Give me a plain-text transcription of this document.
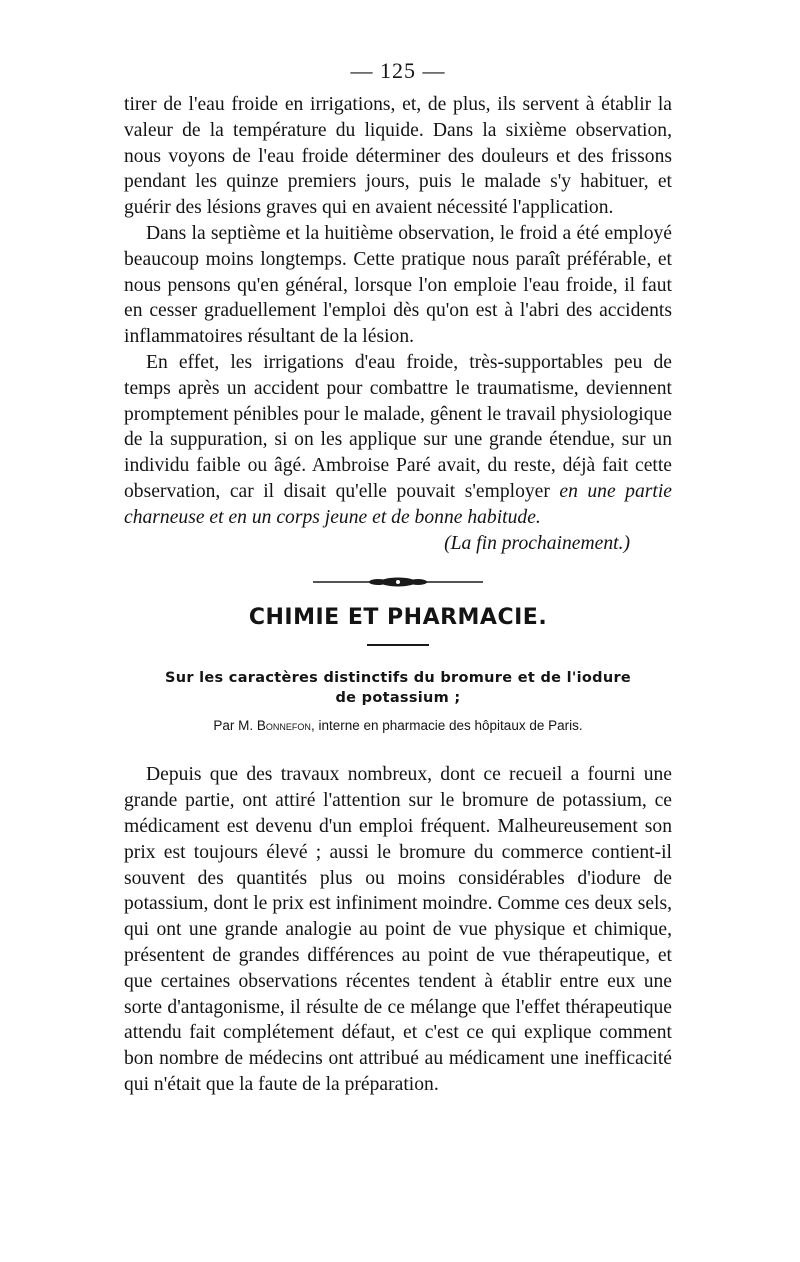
— 125 —

tirer de l'eau froide en irrigations, et, de plus, ils servent à établir la valeur de la température du liquide. Dans la sixième observation, nous voyons de l'eau froide déterminer des douleurs et des frissons pendant les quinze premiers jours, puis le malade s'y habituer, et guérir des lésions graves qui en avaient nécessité l'application.

Dans la septième et la huitième observation, le froid a été employé beaucoup moins longtemps. Cette pratique nous paraît préférable, et nous pensons qu'en général, lorsque l'on emploie l'eau froide, il faut en cesser graduellement l'emploi dès qu'on est à l'abri des accidents inflammatoires résultant de la lésion.

En effet, les irrigations d'eau froide, très-supportables peu de temps après un accident pour combattre le traumatisme, deviennent promptement pénibles pour le malade, gênent le travail physiologique de la suppuration, si on les applique sur une grande étendue, sur un individu faible ou âgé. Ambroise Paré avait, du reste, déjà fait cette observation, car il disait qu'elle pouvait s'employer en une partie charneuse et en un corps jeune et de bonne habitude.

(La fin prochainement.)
CHIMIE ET PHARMACIE.
Sur les caractères distinctifs du bromure et de l'iodure
de potassium ;
Par M. Bonnefon, interne en pharmacie des hôpitaux de Paris.

Depuis que des travaux nombreux, dont ce recueil a fourni une grande partie, ont attiré l'attention sur le bromure de potassium, ce médicament est devenu d'un emploi fréquent. Malheureusement son prix est toujours élevé ; aussi le bromure du commerce contient-il souvent des quantités plus ou moins considérables d'iodure de potassium, dont le prix est infiniment moindre. Comme ces deux sels, qui ont une grande analogie au point de vue physique et chimique, présentent de grandes différences au point de vue thérapeutique, et que certaines observations récentes tendent à établir entre eux une sorte d'antagonisme, il résulte de ce mélange que l'effet thérapeutique attendu fait complétement défaut, et c'est ce qui explique comment bon nombre de médecins ont attribué au médicament une inefficacité qui n'était que la faute de la préparation.
